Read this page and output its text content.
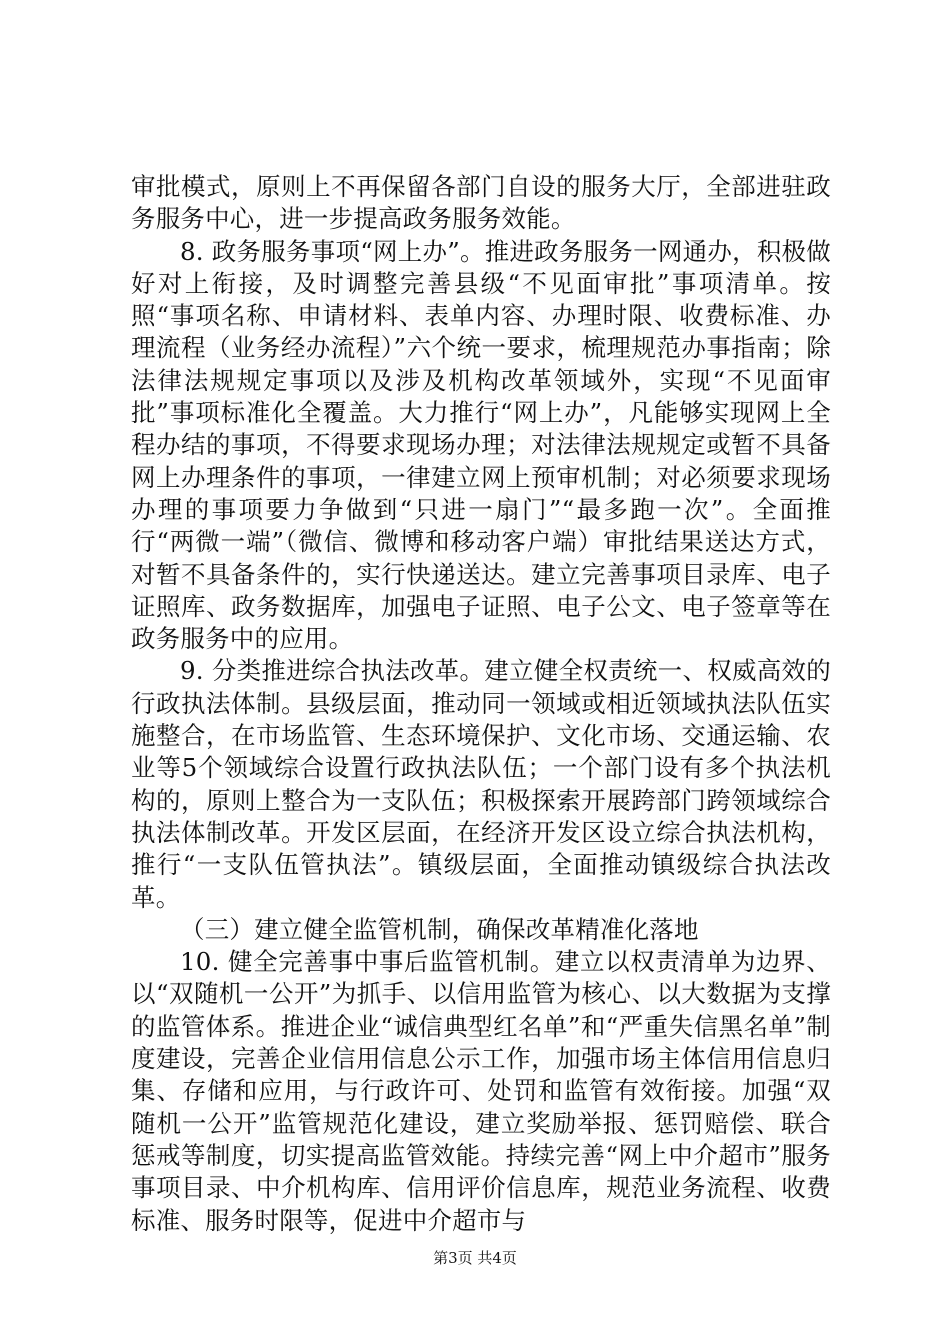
审批模式，原则上不再保留各部门自设的服务大厅，全部进驻政务服务中心，进一步提高政务服务效能。

8. 政务服务事项“网上办”。推进政务服务一网通办，积极做好对上衔接，及时调整完善县级“不见面审批”事项清单。按照“事项名称、申请材料、表单内容、办理时限、收费标准、办理流程（业务经办流程）”六个统一要求，梳理规范办事指南；除法律法规规定事项以及涉及机构改革领域外，实现“不见面审批”事项标准化全覆盖。大力推行“网上办”，凡能够实现网上全程办结的事项，不得要求现场办理；对法律法规规定或暂不具备网上办理条件的事项，一律建立网上预审机制；对必须要求现场办理的事项要力争做到“只进一扇门”“最多跑一次”。全面推行“两微一端”（微信、微博和移动客户端）审批结果送达方式，对暂不具备条件的，实行快递送达。建立完善事项目录库、电子证照库、政务数据库，加强电子证照、电子公文、电子签章等在政务服务中的应用。

9. 分类推进综合执法改革。建立健全权责统一、权威高效的行政执法体制。县级层面，推动同一领域或相近领域执法队伍实施整合，在市场监管、生态环境保护、文化市场、交通运输、农业等5个领域综合设置行政执法队伍；一个部门设有多个执法机构的，原则上整合为一支队伍；积极探索开展跨部门跨领域综合执法体制改革。开发区层面，在经济开发区设立综合执法机构，推行“一支队伍管执法”。镇级层面，全面推动镇级综合执法改革。

（三）建立健全监管机制，确保改革精准化落地

10. 健全完善事中事后监管机制。建立以权责清单为边界、以“双随机一公开”为抓手、以信用监管为核心、以大数据为支撑的监管体系。推进企业“诚信典型红名单”和“严重失信黑名单”制度建设，完善企业信用信息公示工作，加强市场主体信用信息归集、存储和应用，与行政许可、处罚和监管有效衔接。加强“双随机一公开”监管规范化建设，建立奖励举报、惩罚赔偿、联合惩戒等制度，切实提高监管效能。持续完善“网上中介超市”服务事项目录、中介机构库、信用评价信息库，规范业务流程、收费标准、服务时限等，促进中介超市与

第3页 共4页
